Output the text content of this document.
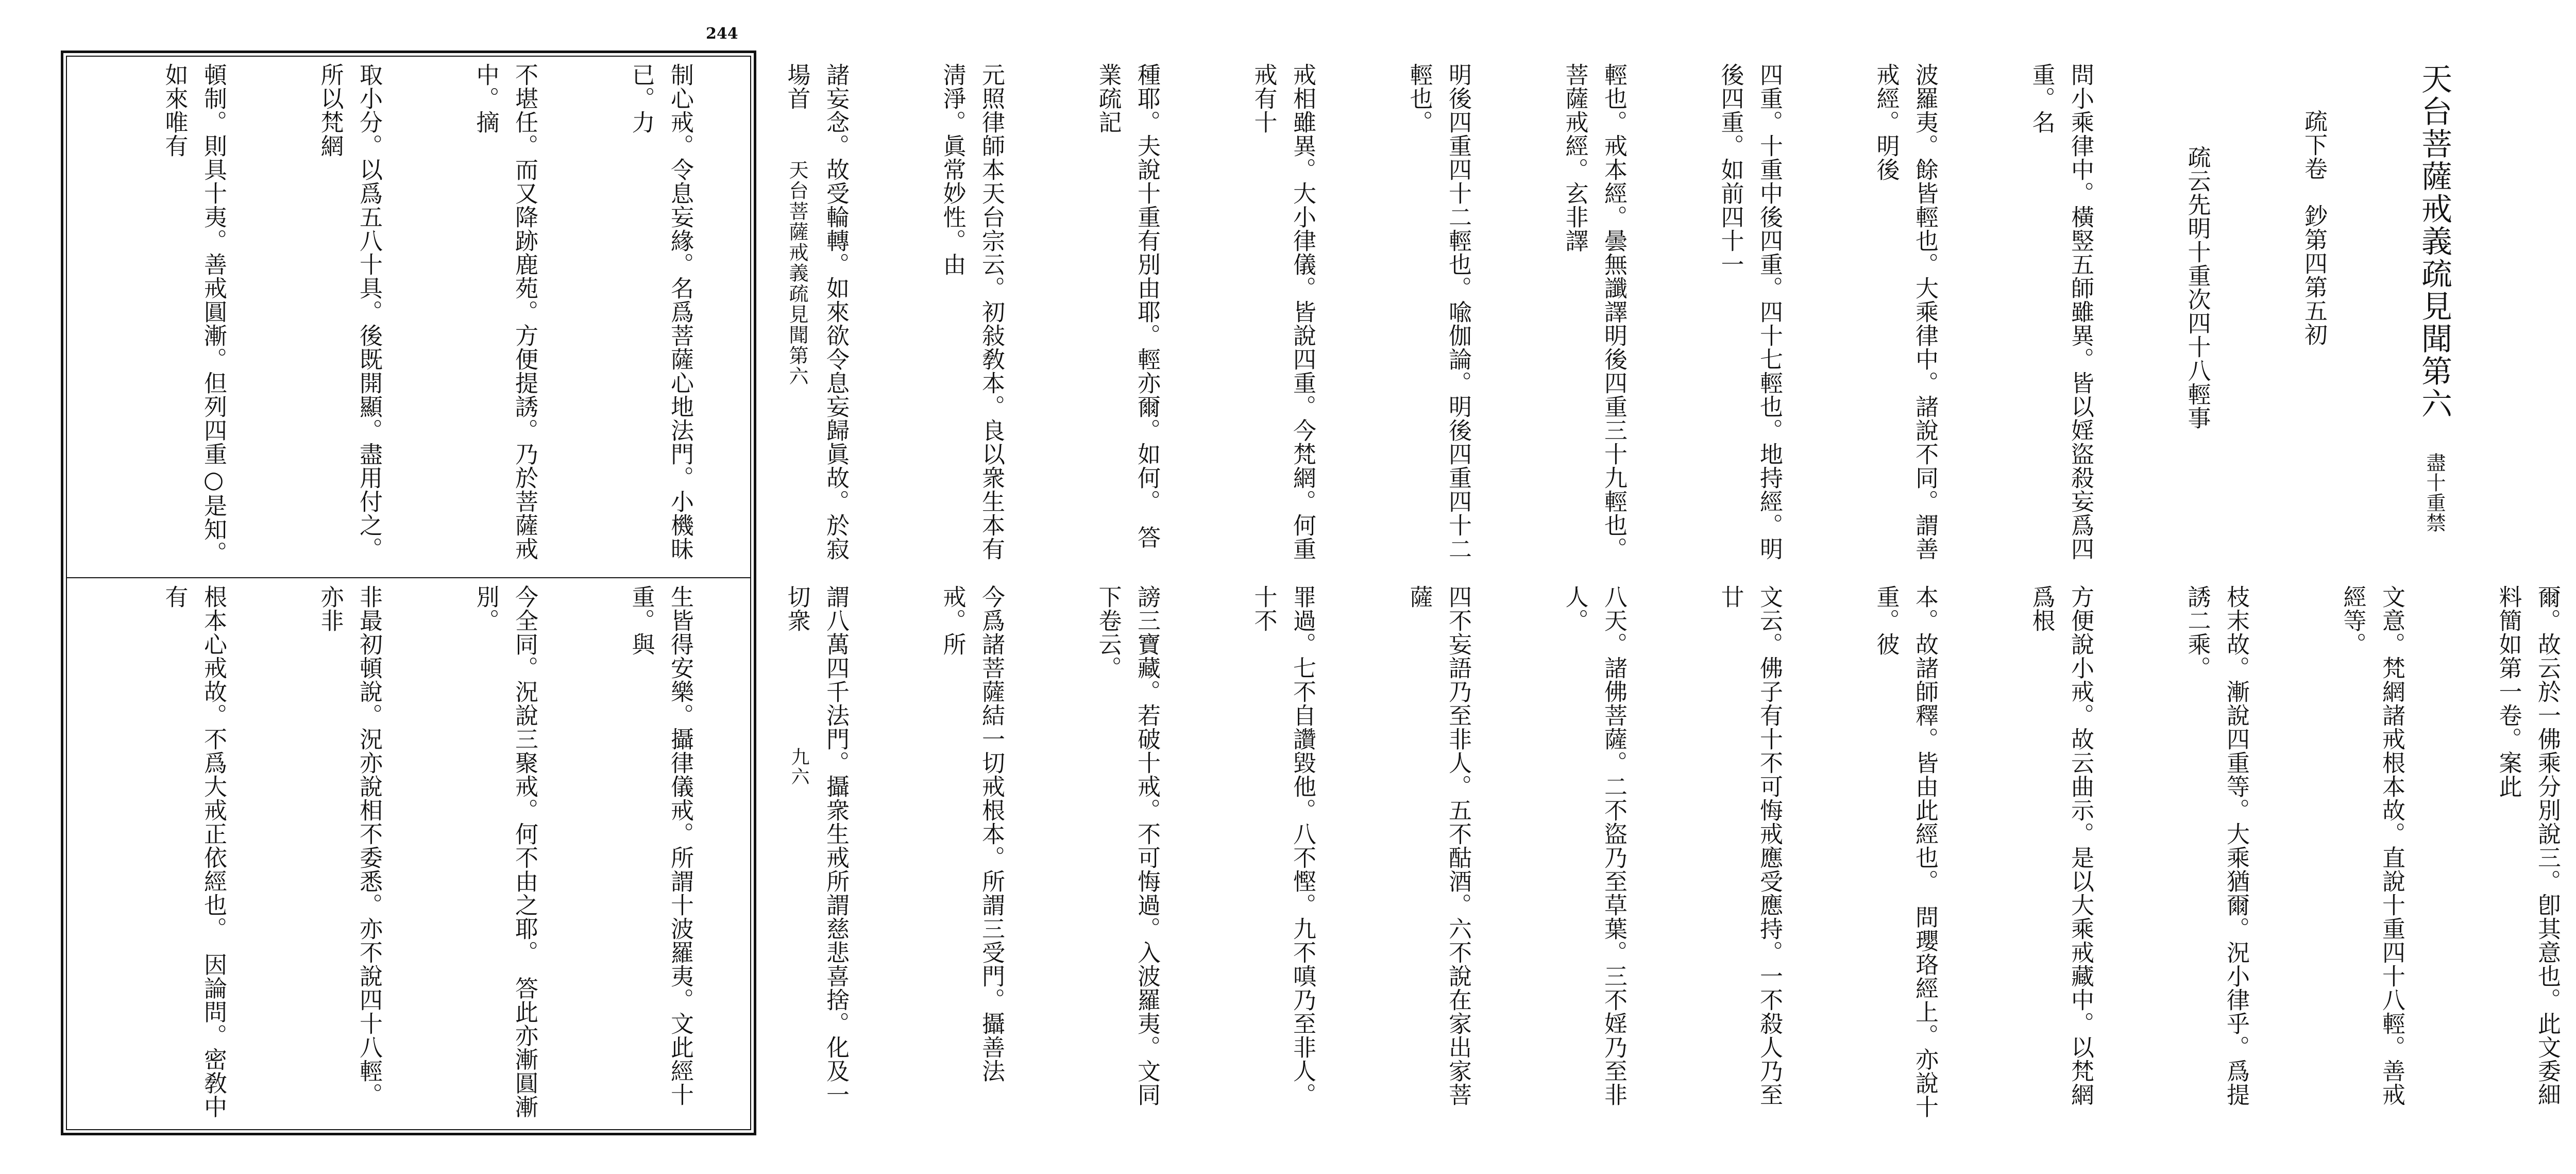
244
天台菩薩戒義疏見聞第六
九六

天台菩薩戒義疏見聞第六　盡十重禁

疏下卷　鈔第四第五初

疏云先明十重次四十八輕事

問小乘律中。橫竪五師雖異。皆以婬盜殺妄爲四重。名

波羅夷。餘皆輕也。大乘律中。諸說不同。謂善戒經。明後

四重。十重中後四重。四十七輕也。地持經。明後四重。如前四十一

輕也。戒本經。曇無讖譯明後四重三十九輕也。菩薩戒經。玄非譯

明後四重四十二輕也。喩伽論。明後四重四十二輕也。

戒相雖異。大小律儀。皆說四重。今梵網。何重戒有十

種耶。夫說十重有別由耶。輕亦爾。如何。　答業疏記

元照律師本天台宗云。初敍敎本。良以衆生本有淸淨。眞常妙性。由

諸妄念。故受輪轉。如來欲令息妄歸眞故。於寂場首

制心戒。令息妄緣。名爲菩薩心地法門。小機昧已。力

不堪任。而又降跡鹿苑。方便提誘。乃於菩薩戒中。摘

取小分。以爲五八十具。後既開顯。盡用付之。所以梵網

頓制。則具十夷。善戒圓漸。但列四重○是知。如來唯有

爾。故云於一佛乘分別說三。卽其意也。此文委細料簡如第一卷。案此

文意。梵網諸戒根本故。直說十重四十八輕。善戒經等。

枝末故。漸說四重等。大乘猶爾。況小律乎。爲提誘二乘。

方便說小戒。故云曲示。是以大乘戒藏中。以梵網爲根

本。故諸師釋。皆由此經也。　問瓔珞經上。亦說十重。彼

文云。佛子有十不可悔戒應受應持。一不殺人乃至廿

八天。諸佛菩薩。二不盜乃至草葉。三不婬乃至非人。

四不妄語乃至非人。五不酤酒。六不說在家出家菩薩

罪過。七不自讚毀他。八不慳。九不嗔乃至非人。十不

謗三寶藏。若破十戒。不可悔過。入波羅夷。文同下卷云。

今爲諸菩薩結一切戒根本。所謂三受門。攝善法戒。所

謂八萬四千法門。攝衆生戒所謂慈悲喜捨。化及一切衆

生皆得安樂。攝律儀戒。所謂十波羅夷。文此經十重。與

今全同。況說三聚戒。何不由之耶。　答此亦漸圓漸別。

非最初頓說。況亦說相不委悉。亦不說四十八輕。亦非

根本心戒故。不爲大戒正依經也。　因論問。密敎中有
